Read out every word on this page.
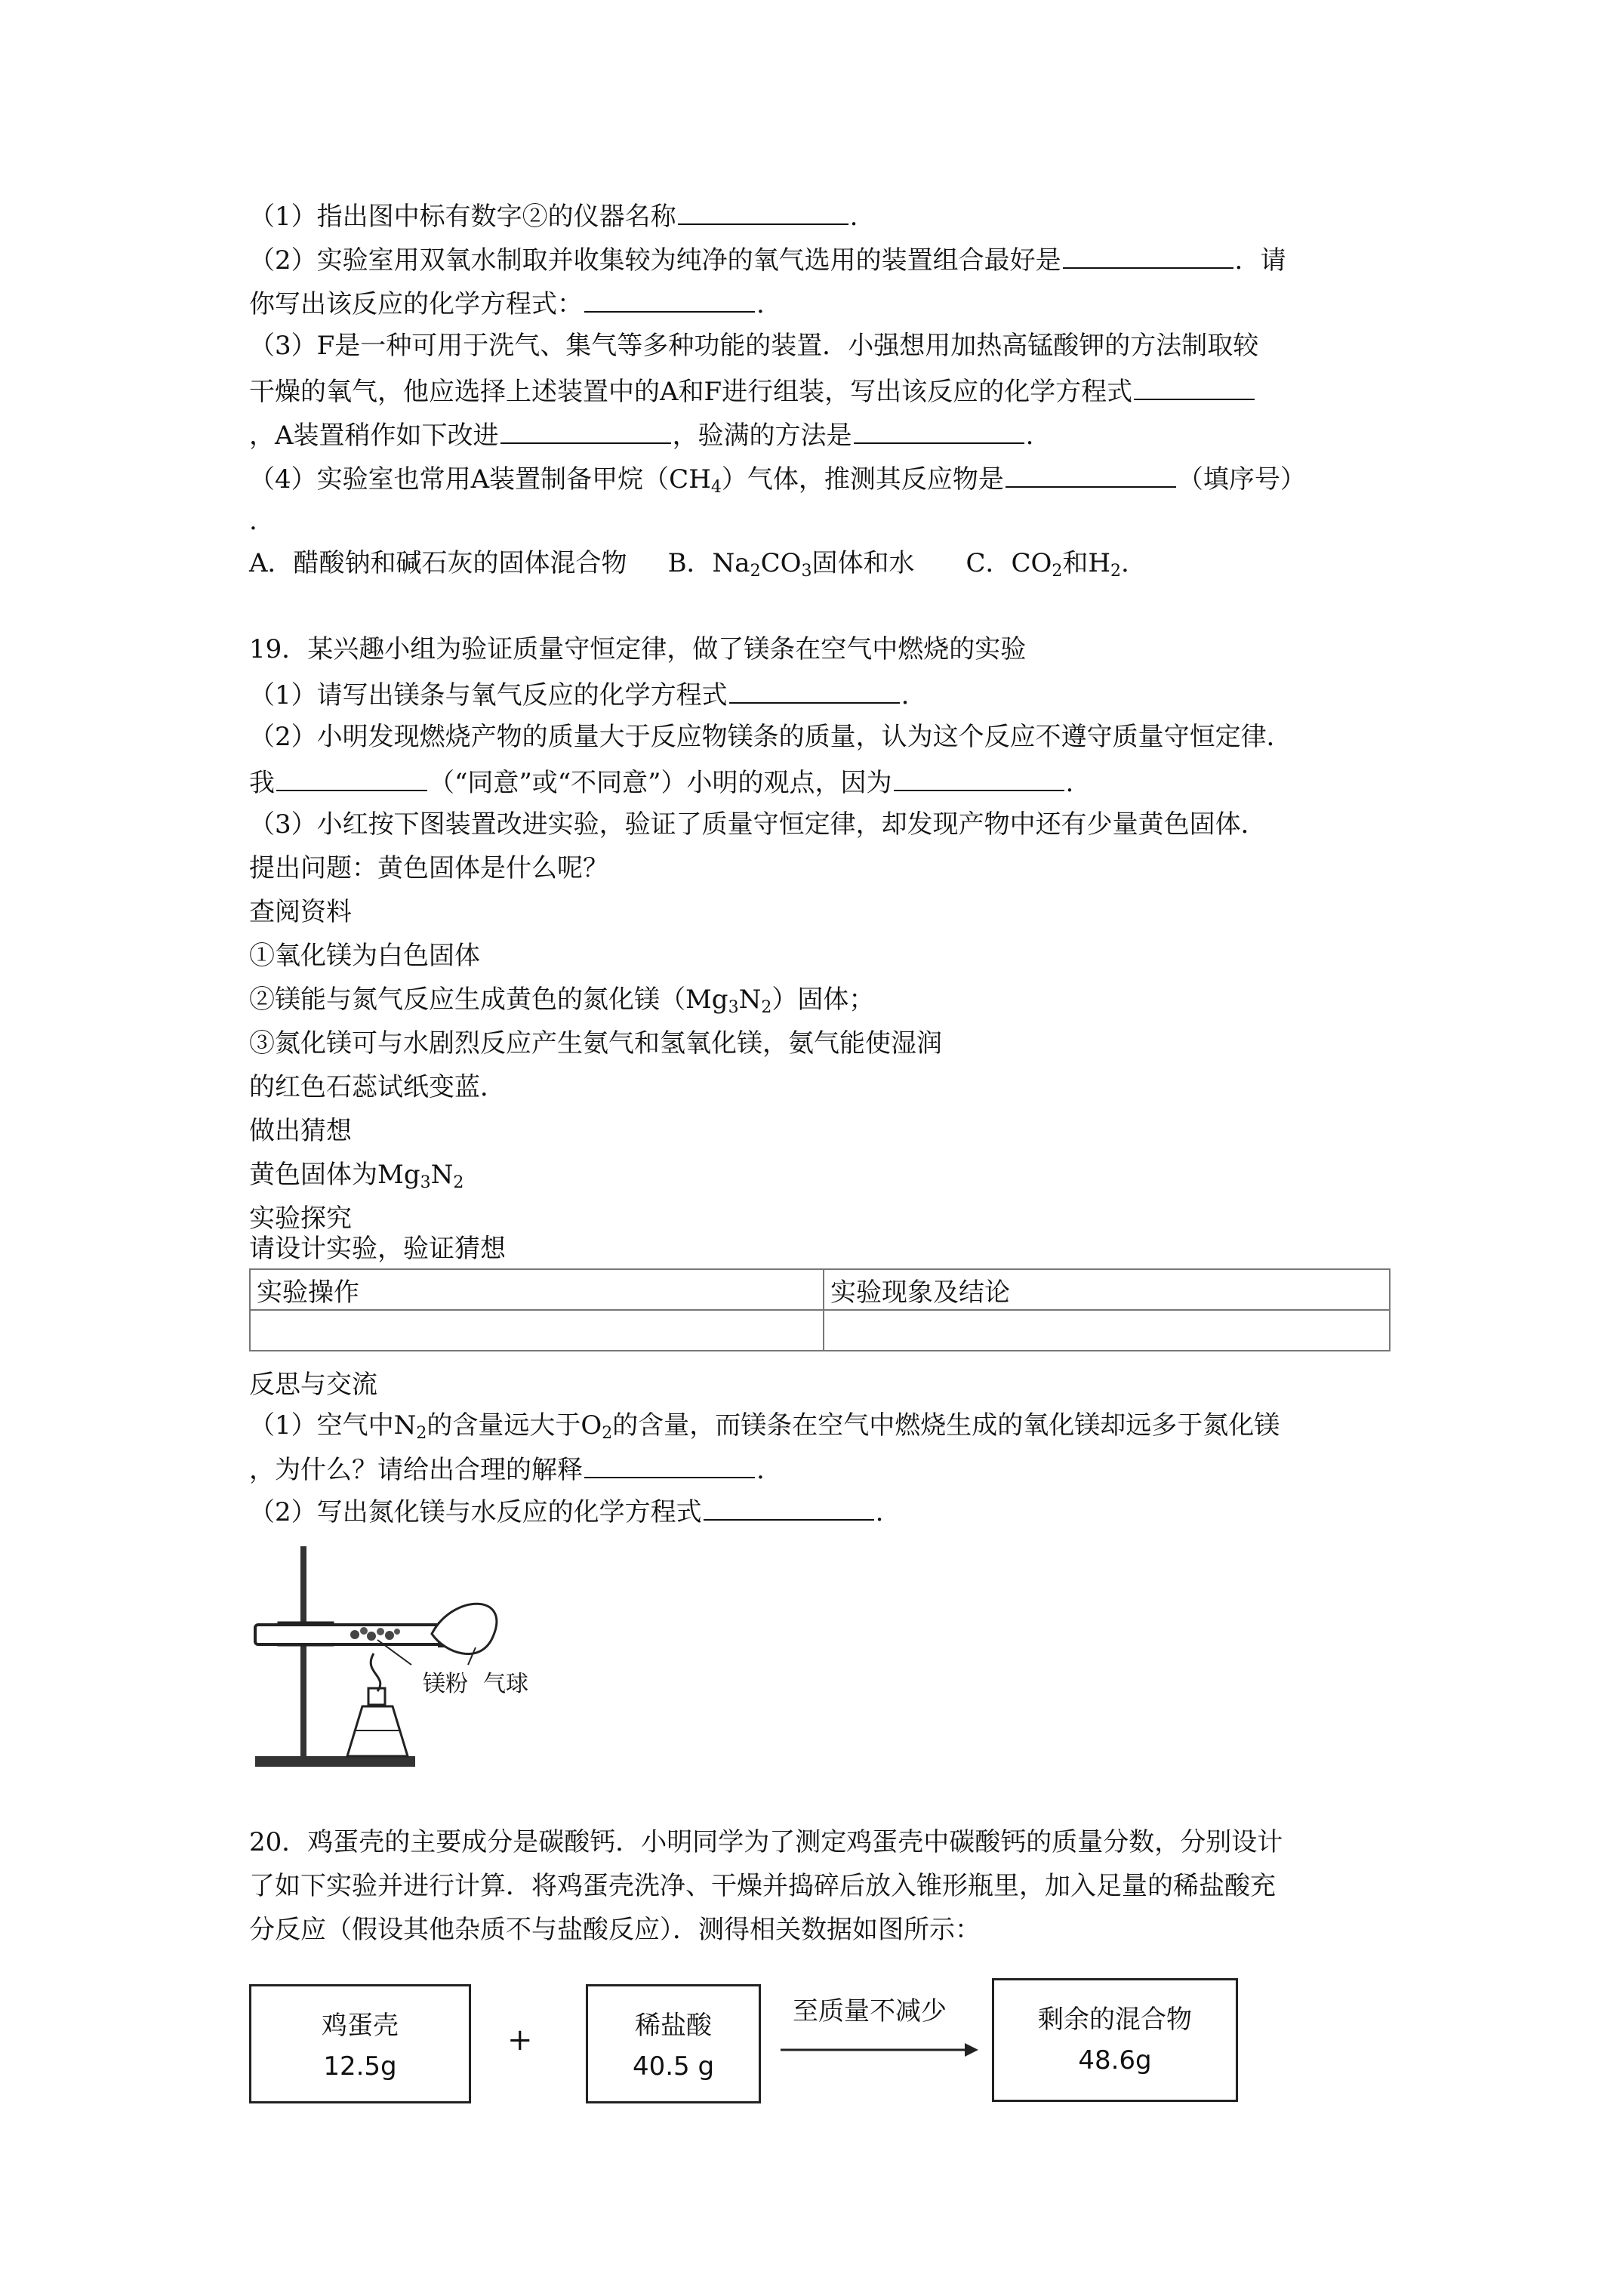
（1）指出图中标有数字②的仪器名称	.
（2）实验室用双氧水制取并收集较为纯净的氧气选用的装置组合最好是	．请
你写出该反应的化学方程式：	.
（3）F是一种可用于洗气、集气等多种功能的装置．小强想用加热高锰酸钾的方法制取较
干燥的氧气，他应选择上述装置中的A和F进行组装，写出该反应的化学方程式
，A装置稍作如下改进	，验满的方法是	.
（4）实验室也常用A装置制备甲烷$(CH_4)$气体，推测其反应物是	（填序号）
.
A．醋酸钠和碱石灰的固体混合物 B．$Na_2CO_3$固体和水 C．$CO_2$和$H_2$.
19．某兴趣小组为验证质量守恒定律，做了镁条在空气中燃烧的实验
（1）请写出镁条与氧气反应的化学方程式	.
（2）小明发现燃烧产物的质量大于反应物镁条的质量，认为这个反应不遵守质量守恒定律．
我	（“同意”或“不同意”）小明的观点，因为	.
（3）小红按下图装置改进实验，验证了质量守恒定律，却发现产物中还有少量黄色固体．
提出问题：黄色固体是什么呢？
查阅资料
①氧化镁为白色固体
②镁能与氮气反应生成黄色的氮化镁$(Mg_3N_2)$固体；
③氮化镁可与水剧烈反应产生氨气和氢氧化镁，氨气能使湿润
的红色石蕊试纸变蓝．
做出猜想
黄色固体为$Mg_3N_2$
实验探究
请设计实验，验证猜想
实验操作	实验现象及结论

反思与交流
（1）空气中$N_2$的含量远大于$O_2$的含量，而镁条在空气中燃烧生成的氧化镁却远多于氮化镁
，为什么？请给出合理的解释	.
（2）写出氮化镁与水反应的化学方程式	.
镁粉 气球
20．鸡蛋壳的主要成分是碳酸钙．小明同学为了测定鸡蛋壳中碳酸钙的质量分数，分别设计
了如下实验并进行计算．将鸡蛋壳洗净、干燥并捣碎后放入锥形瓶里，加入足量的稀盐酸充
分反应（假设其他杂质不与盐酸反应）．测得相关数据如图所示：
鸡蛋壳
12.5g
+	稀盐酸
40.5 g
至质量不减少	剩余的混合物
48.6g
